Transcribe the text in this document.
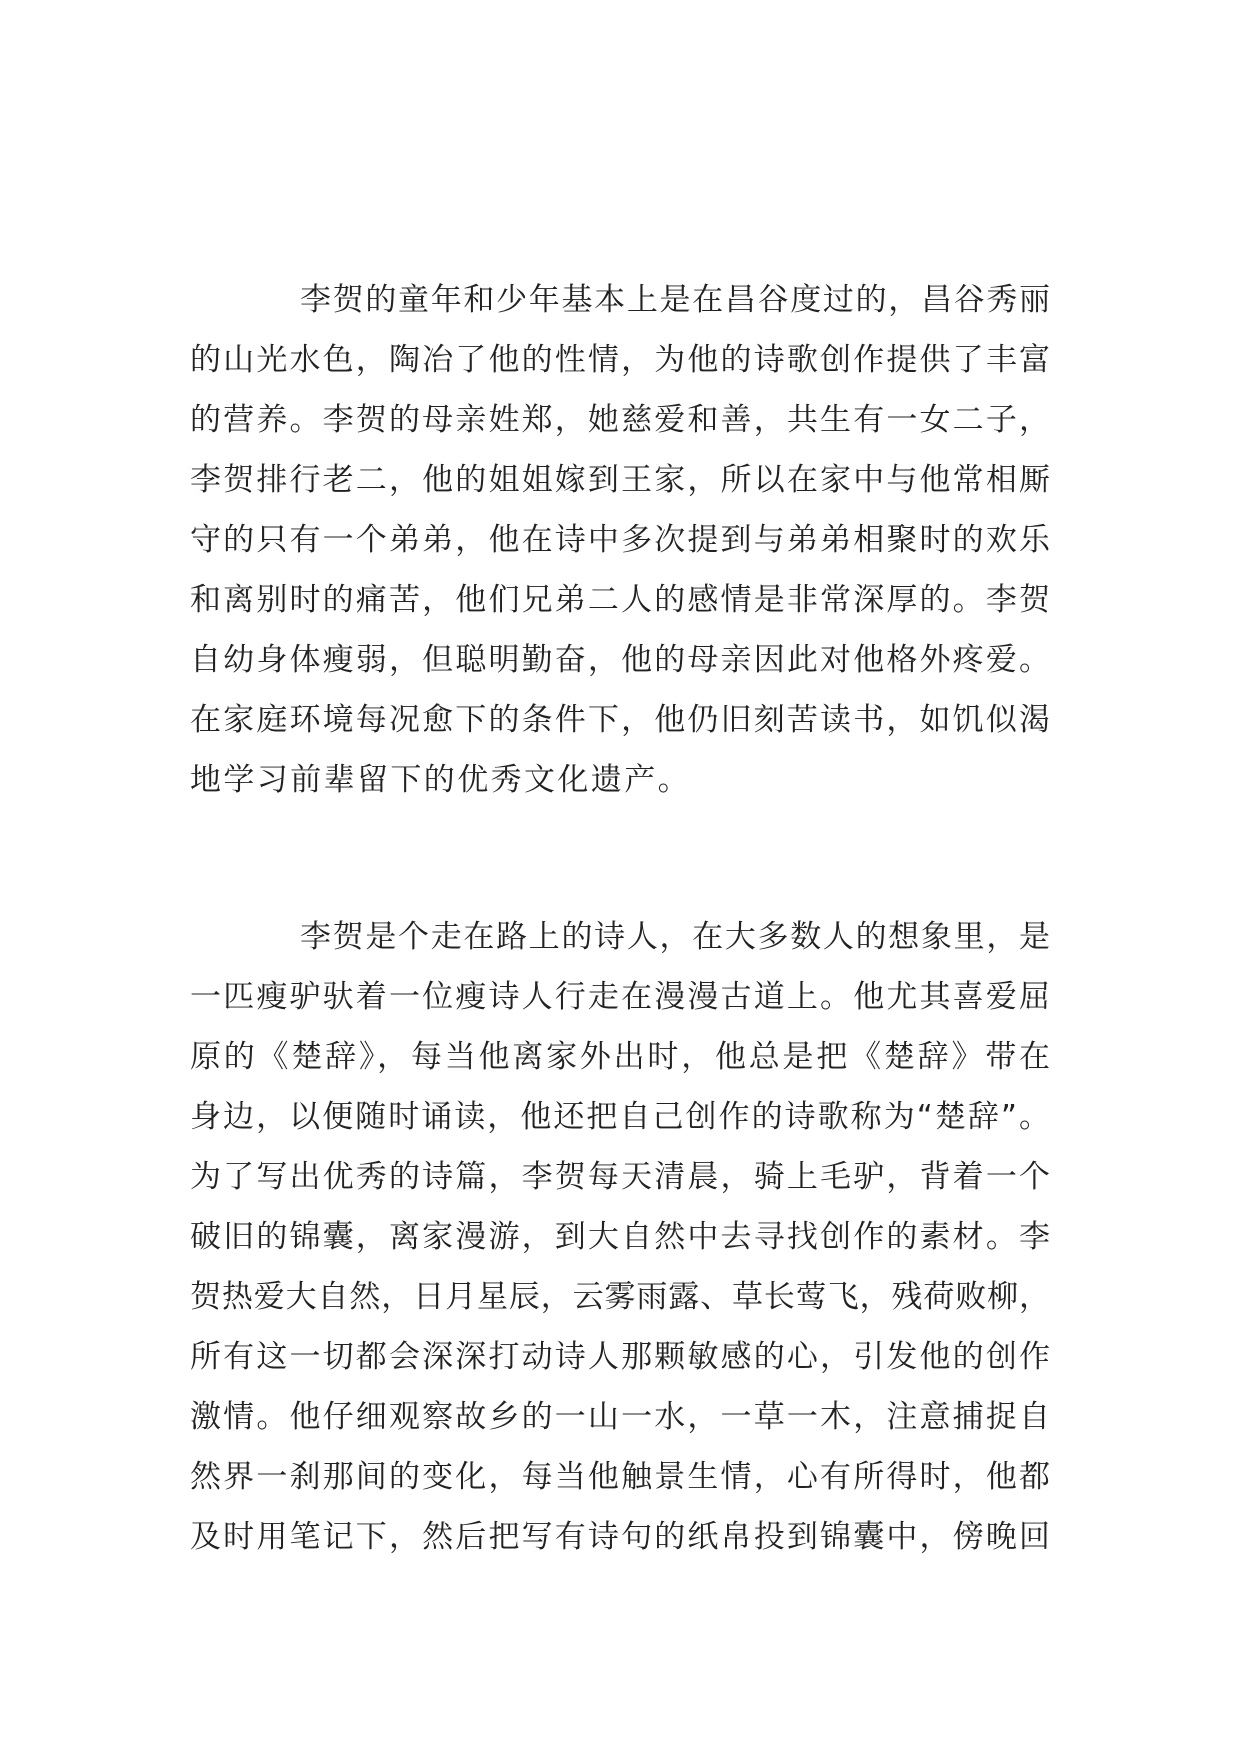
李贺的童年和少年基本上是在昌谷度过的，昌谷秀丽
的山光水色，陶冶了他的性情，为他的诗歌创作提供了丰富
的营养。李贺的母亲姓郑，她慈爱和善，共生有一女二子，
李贺排行老二，他的姐姐嫁到王家，所以在家中与他常相厮
守的只有一个弟弟，他在诗中多次提到与弟弟相聚时的欢乐
和离别时的痛苦，他们兄弟二人的感情是非常深厚的。李贺
自幼身体瘦弱，但聪明勤奋，他的母亲因此对他格外疼爱。
在家庭环境每况愈下的条件下，他仍旧刻苦读书，如饥似渴
地学习前辈留下的优秀文化遗产。
李贺是个走在路上的诗人，在大多数人的想象里，是
一匹瘦驴驮着一位瘦诗人行走在漫漫古道上。他尤其喜爱屈
原的《楚辞》，每当他离家外出时，他总是把《楚辞》带在
身边，以便随时诵读，他还把自己创作的诗歌称为“楚辞”。
为了写出优秀的诗篇，李贺每天清晨，骑上毛驴，背着一个
破旧的锦囊，离家漫游，到大自然中去寻找创作的素材。李
贺热爱大自然，日月星辰，云雾雨露、草长莺飞，残荷败柳，
所有这一切都会深深打动诗人那颗敏感的心，引发他的创作
激情。他仔细观察故乡的一山一水，一草一木，注意捕捉自
然界一刹那间的变化，每当他触景生情，心有所得时，他都
及时用笔记下，然后把写有诗句的纸帛投到锦囊中，傍晚回
